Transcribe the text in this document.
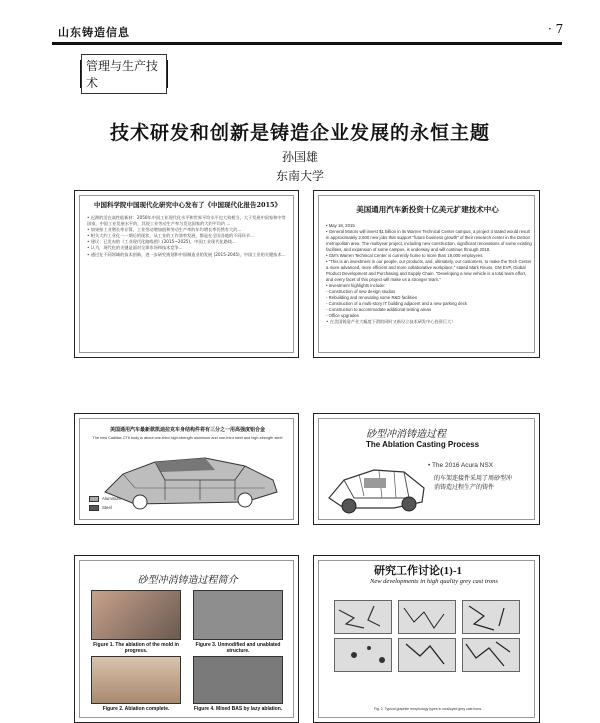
山东铸造信息	· 7
管理与生产技术
技术研发和创新是铸造企业发展的永恒主题
孙国雄
东南大学
中国科学院中国现代化研究中心发布了《中国现代化报告2015》
• 迟滞的活在高性能新材：2050年中国工业现代化水平和世界平均水平也大致相当，大于发展中国家和中等国家，中国工业发展水平约，其现工业劳动生产率与发达国家的大约平均约 ...
• 如果按工业增长率计算，工业劳动增加值和劳动生产率的年均增长率仍然有大约...
• 相关大约工业化一一期后的现状，从工业的工作效率发展，都是在全国各地的不同环节...
• 建议：已发布的《工业现代化路线图》(2015~2025)，中国工业现代化路线...
• 认为，现代化的关键是面对全球市场和技术竞争...
• 通过在不同领域的技术创新，进一步研究规划和中国制造业的发展 (2015-2045)，中国工业的关键技术...
美国通用汽车新投资十亿美元扩建技术中心
• May 18, 2015
• General Motors will invest $1 billion in its Warren Technical Center campus, a project it stated would result in approximately 2,600 new jobs that support "future business growth" of their research center in the Detroit metropolitan area. The multiyear project, including new construction, significant renovations of some existing facilities, and expansion of some campus, is underway and will continue through 2018.
• GM's Warren Technical Center is currently home to more than 19,000 employees.
• "This is an investment in our people, our products, and, ultimately, our customers, to make the Tech Center a more advanced, more efficient and more collaborative workplace," stated Mark Reuss, GM EVP, Global Product Development and Purchasing and Supply Chain. "Developing a new vehicle is a total team effort, and every facet of this project will make us a stronger team."
• Investment highlights include:
- Construction of new design studios
- Rebuilding and renovating some R&D facilities
- Construction of a multi-story IT building adjacent and a new parking deck
- Construction to accommodate additional testing areas
- Office upgrades
• 在美国铸造产业大幅度下滑的同时又新设立技术研发中心投资巨大！
美国通用汽车最新款凯迪拉克车身结构件将有三分之一用高强度铝合金
The new Cadillac CT6 body is about one-third high-strength aluminum and one-third steel and high-strength steel
Aluminum
Steel
砂型冲消铸造过程
The Ablation Casting Process
• The 2016 Acura NSX
的车架连接件采用了周砂型冲消铸造过程生产的铸件
砂型冲消铸造过程简介
Figure 1. The ablation of the mold in progress.
Figure 3. Unmodified and unablated structure.
Figure 2. Ablation complete.	Figure 4. Mixed BAS by lazy ablation.
研究工作讨论(1)-1
New developments in high quality grey cast irons
Fig. 2. Typical graphite morphology types in unalloyed grey cast irons.
